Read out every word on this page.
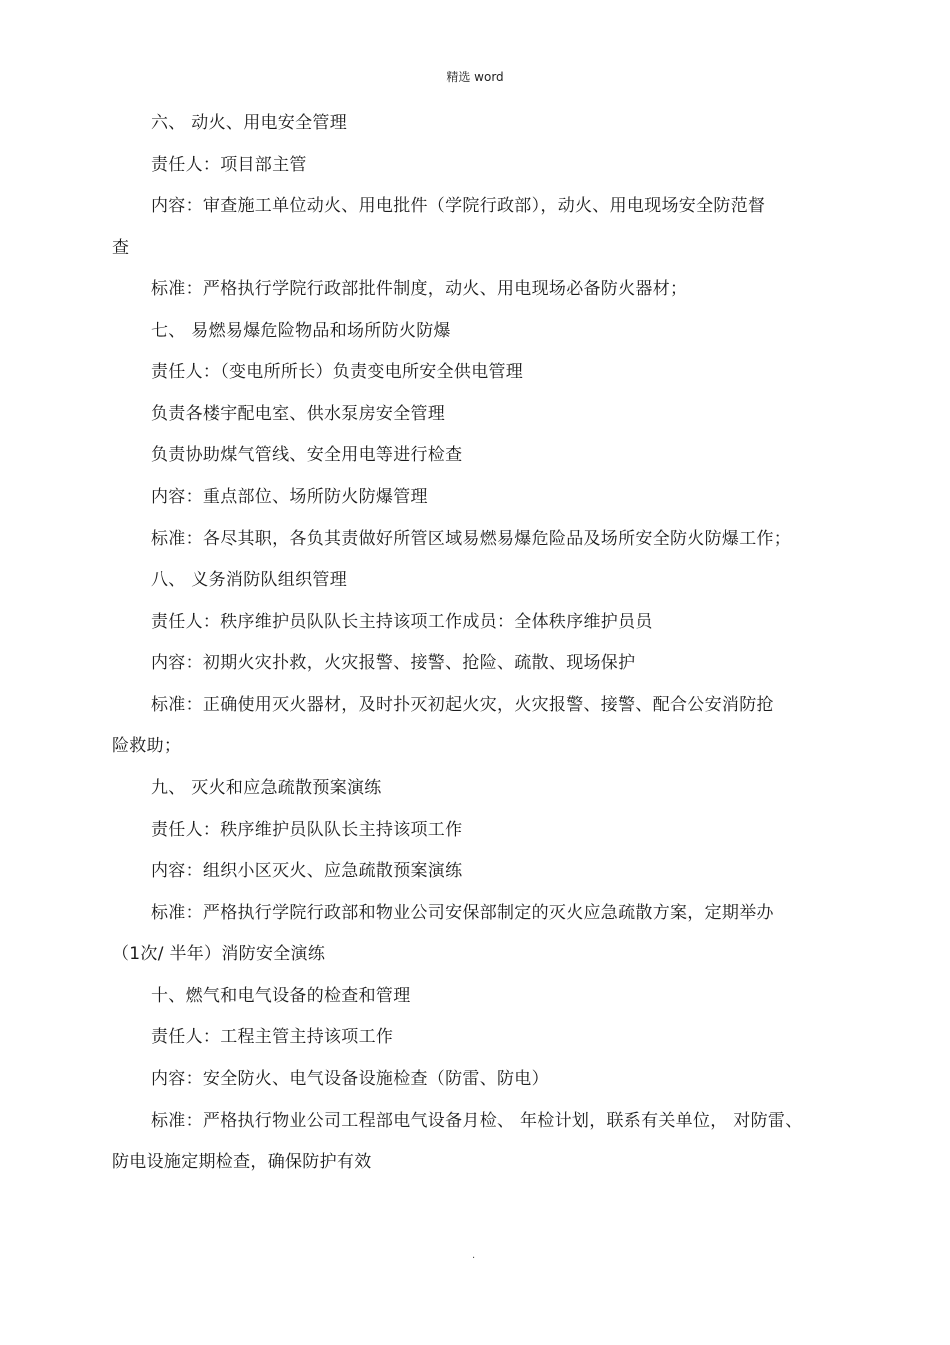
精选 word
六、 动火、用电安全管理
责任人：项目部主管
内容：审查施工单位动火、用电批件（学院行政部），动火、用电现场安全防范督
查
标准：严格执行学院行政部批件制度，动火、用电现场必备防火器材；
七、 易燃易爆危险物品和场所防火防爆
责任人：（变电所所长）负责变电所安全供电管理
负责各楼宇配电室、供水泵房安全管理
负责协助煤气管线、安全用电等进行检查
内容：重点部位、场所防火防爆管理
标准：各尽其职，各负其责做好所管区域易燃易爆危险品及场所安全防火防爆工作；
八、 义务消防队组织管理
责任人：秩序维护员队队长主持该项工作成员：全体秩序维护员员
内容：初期火灾扑救，火灾报警、接警、抢险、疏散、现场保护
标准：正确使用灭火器材，及时扑灭初起火灾，火灾报警、接警、配合公安消防抢
险救助；
九、 灭火和应急疏散预案演练
责任人：秩序维护员队队长主持该项工作
内容：组织小区灭火、应急疏散预案演练
标准：严格执行学院行政部和物业公司安保部制定的灭火应急疏散方案，定期举办
（1次/ 半年）消防安全演练
十、燃气和电气设备的检查和管理
责任人：工程主管主持该项工作
内容：安全防火、电气设备设施检查（防雷、防电）
标准：严格执行物业公司工程部电气设备月检、 年检计划，联系有关单位， 对防雷、
防电设施定期检查，确保防护有效
.
